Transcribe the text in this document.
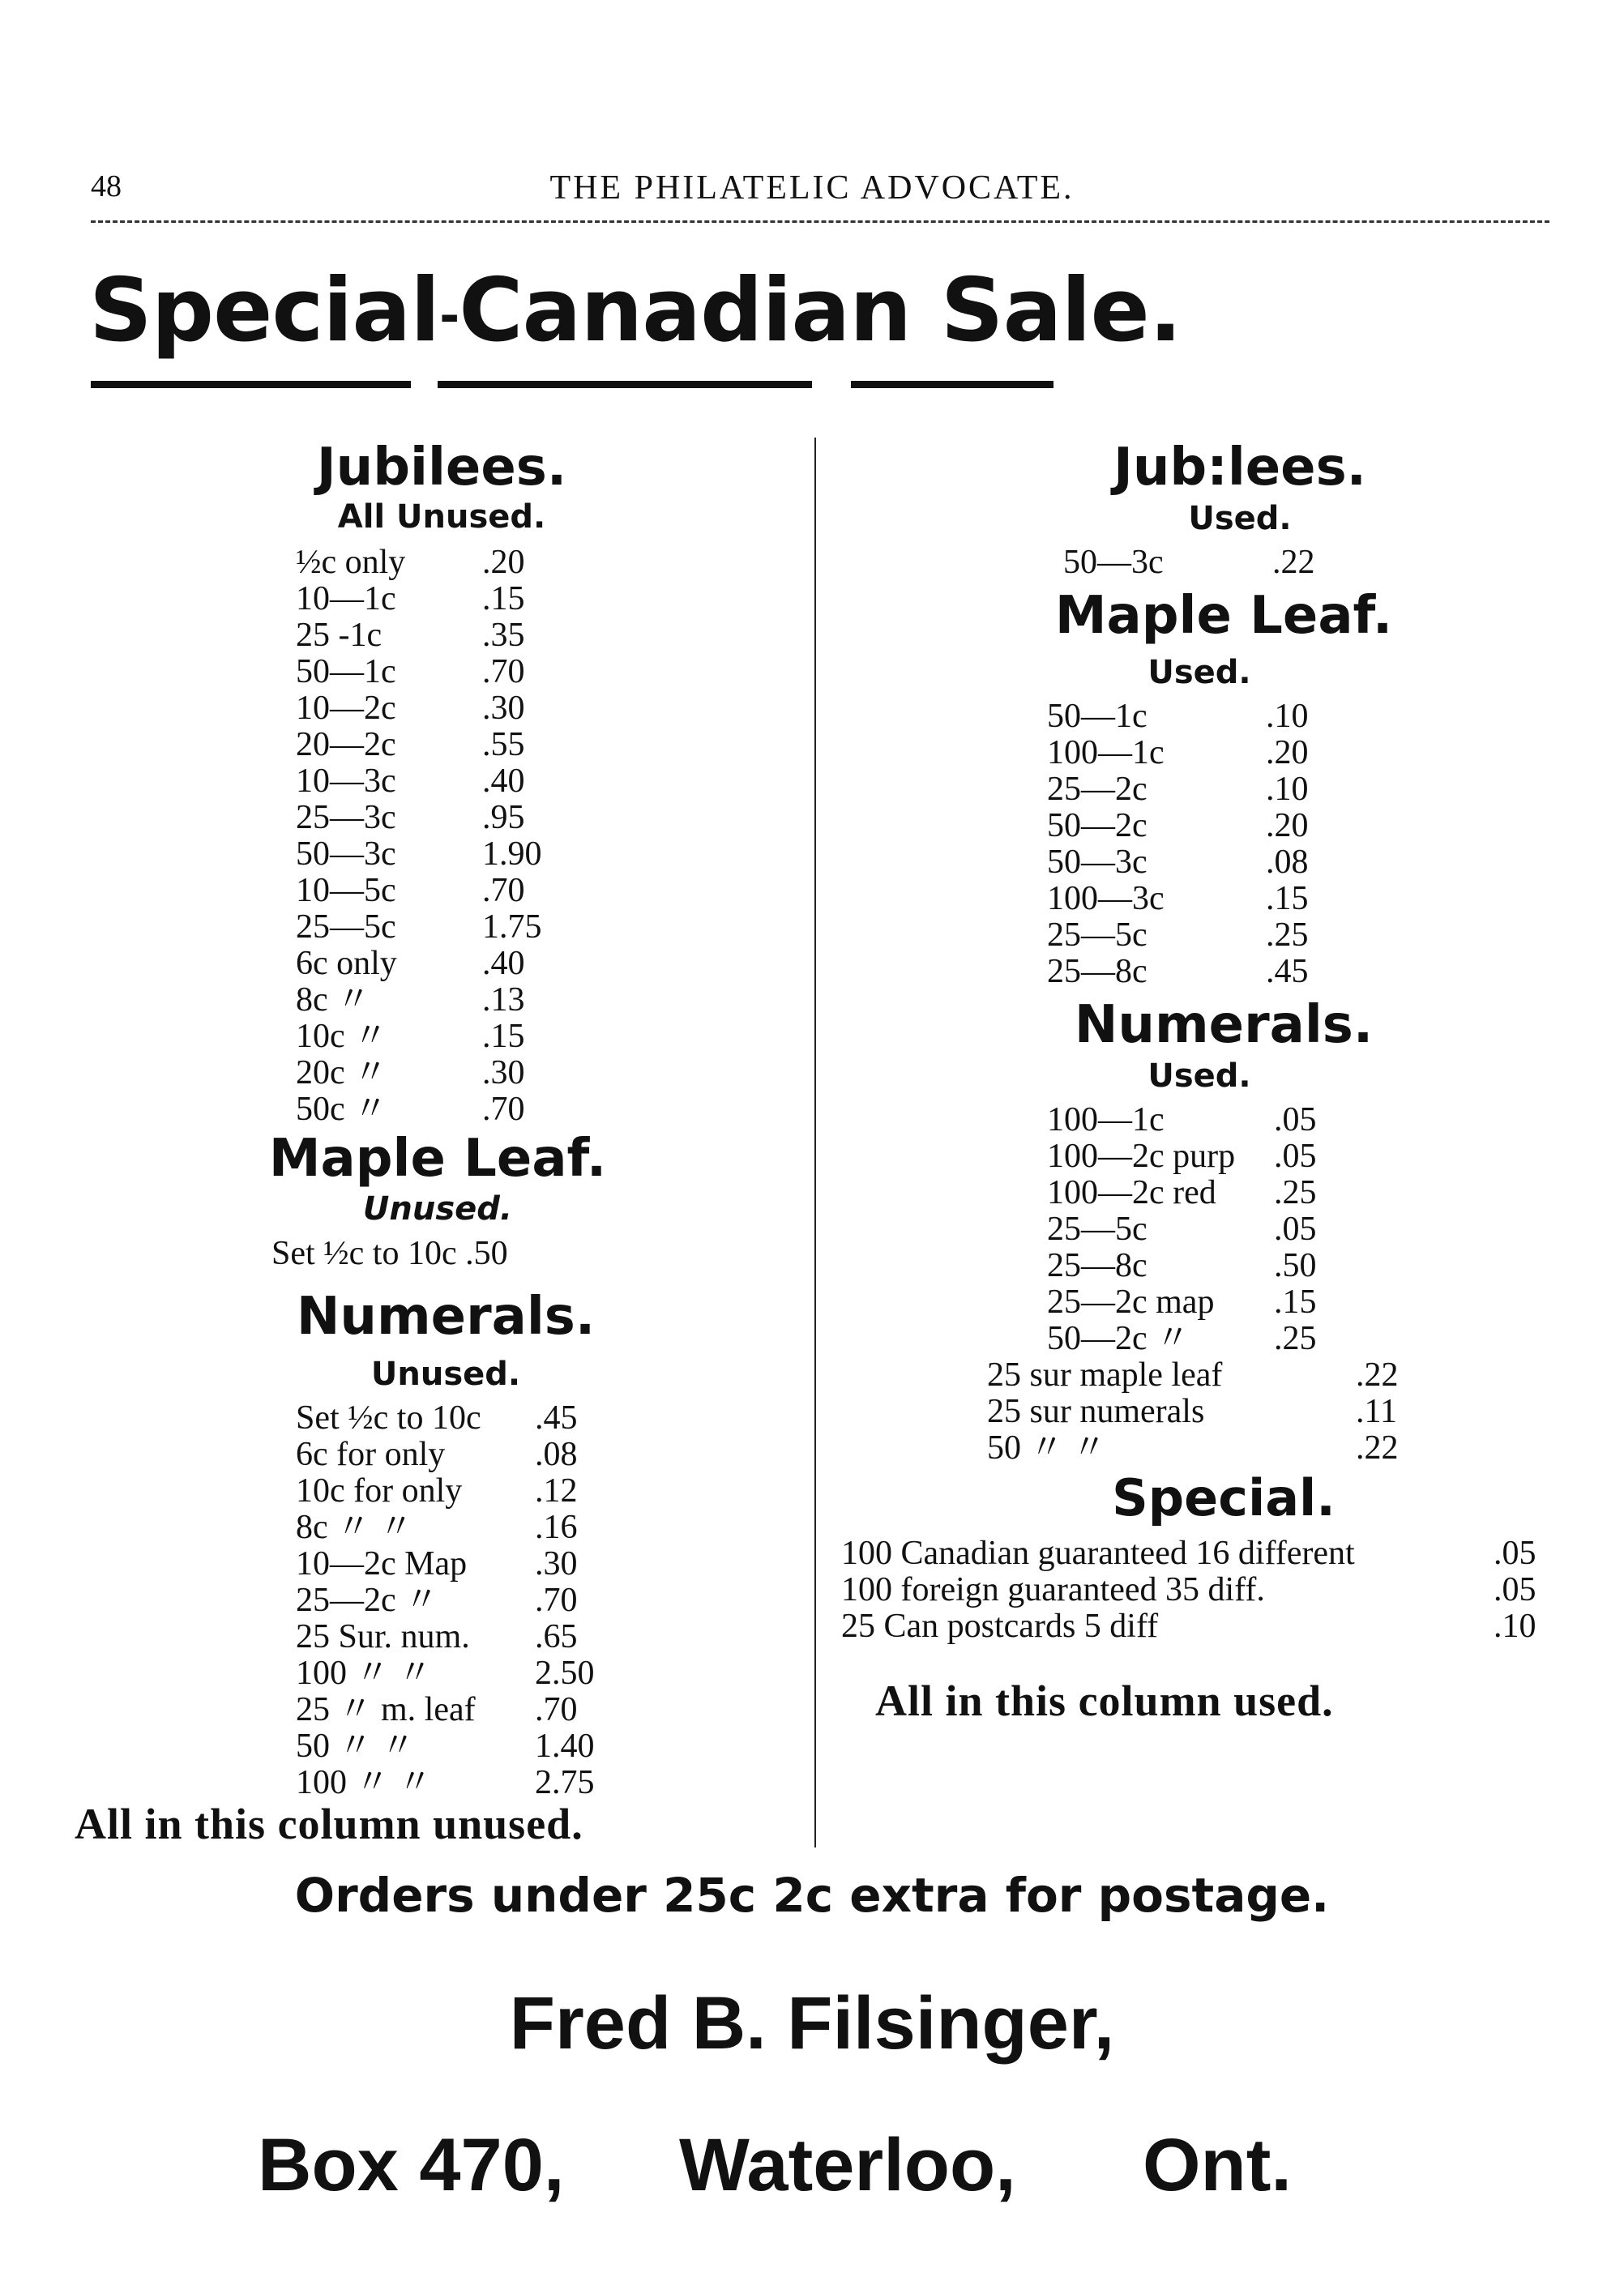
48	THE PHILATELIC ADVOCATE.
Special-Canadian Sale.
Jubilees.
All Unused.
½c only .20
10—1c	.15
25 -1c	.35
50—1c	.70
10—2c	.30
20—2c	.55
10—3c	.40
25—3c	.95
50—3c	1.90
10—5c	.70
25—5c	1.75
6c only	.40
8c 〃	.13
10c 〃	.15
20c 〃	.30
50c 〃	.70
Maple Leaf.
Unused.
Set ½c to 10c .50
Numerals.
Unused.
Set ½c to 10c .45
6c for only	.08
10c for only .12
8c 〃 〃	.16
10—2c Map .30
25—2c 〃	.70
25 Sur. num. .65
100 〃 〃	2.50
25 〃 m. leaf .70
50 〃 〃	1.40
100 〃 〃	2.75
All in this column unused.
Jub:lees.
Used.
50—3c	.22
Maple Leaf.
Used.
50—1c	.10
100—1c	.20
25—2c	.10
50—2c	.20
50—3c	.08
100—3c	.15
25—5c	.25
25—8c	.45
Numerals.
Used.
100—1c	.05
100—2c purp .05
100—2c red .25
25—5c	.05
25—8c	.50
25—2c map .15
50—2c 〃 .25
25 sur maple leaf	.22
25 sur numerals	.11
50 〃 〃	.22
Special.
100 Canadian guaranteed 16 different	.05
100 foreign guaranteed 35 diff.	.05
25 Can postcards 5 diff	.10
All in this column used.
Orders under 25c 2c extra for postage.
Fred B. Filsinger,
Box 470, Waterloo, Ont.
